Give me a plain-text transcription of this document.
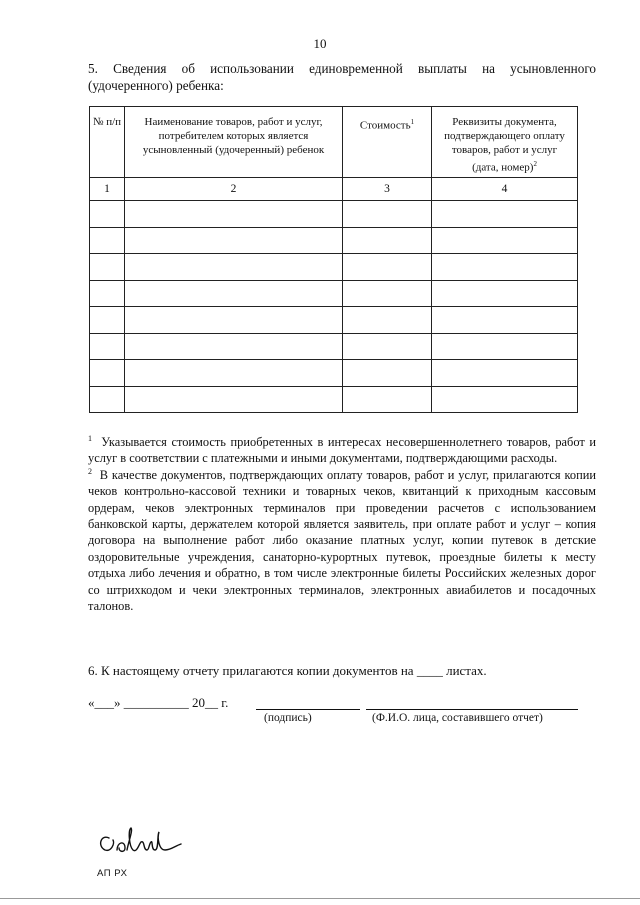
10
5. Сведения об использовании единовременной выплаты на усыновленного (удочеренного) ребенка:
№ п/п	Наименование товаров, работ и услуг, потребителем которых является усыновленный (удочеренный) ребенок	Стоимость$^1$	Реквизиты документа, подтверждающего оплату товаров, работ и услуг (дата, номер)$^2$
1	2	3	4

$^1$ Указывается стоимость приобретенных в интересах несовершеннолетнего товаров, работ и услуг в соответствии с платежными и иными документами, подтверждающими расходы.

$^2$ В качестве документов, подтверждающих оплату товаров, работ и услуг, прилагаются копии чеков контрольно-кассовой техники и товарных чеков, квитанций к приходным кассовым ордерам, чеков электронных терминалов при проведении расчетов с использованием банковской карты, держателем которой является заявитель, при оплате работ и услуг – копия договора на выполнение работ либо оказание платных услуг, копии путевок в детские оздоровительные учреждения, санаторно-курортных путевок, проездные билеты к месту отдыха либо лечения и обратно, в том числе электронные билеты Российских железных дорог со штрихкодом и чеки электронных терминалов, электронных авиабилетов и посадочных талонов.

6. К настоящему отчету прилагаются копии документов на ____ листах.
«___» __________ 20__ г.
(подпись)	(Ф.И.О. лица, составившего отчет)
АП РХ
